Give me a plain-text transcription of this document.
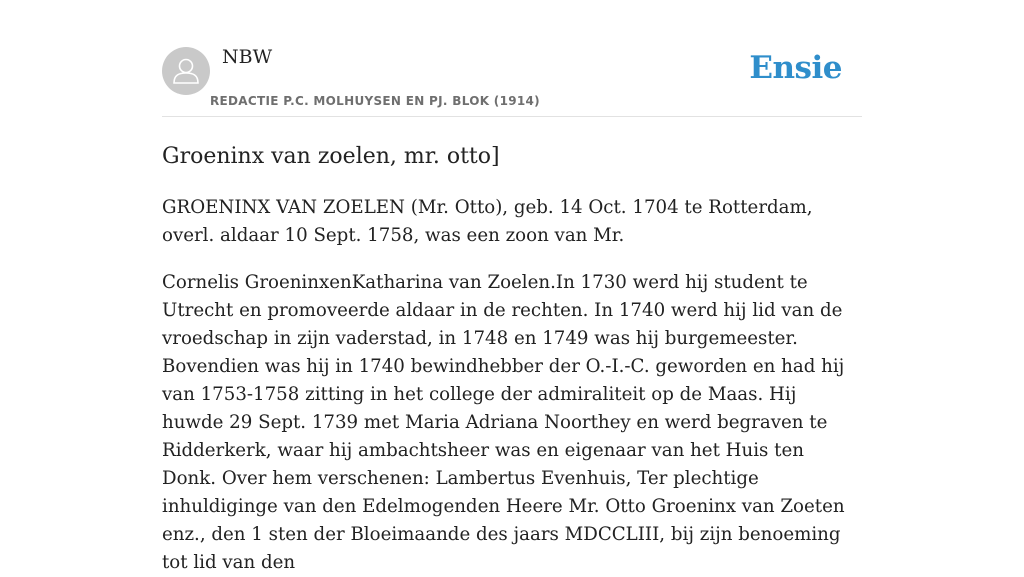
NBW
REDACTIE P.C. MOLHUYSEN EN PJ. BLOK (1914)
Ensie
Groeninx van zoelen, mr. otto]

GROENINX VAN ZOELEN (Mr. Otto), geb. 14 Oct. 1704 te Rotterdam, overl. aldaar 10 Sept. 1758, was een zoon van Mr.

Cornelis GroeninxenKatharina van Zoelen.In 1730 werd hij student te Utrecht en promoveerde aldaar in de rechten. In 1740 werd hij lid van de vroedschap in zijn vaderstad, in 1748 en 1749 was hij burgemeester. Bovendien was hij in 1740 bewindhebber der O.-I.-C. geworden en had hij van 1753-1758 zitting in het college der admiraliteit op de Maas. Hij huwde 29 Sept. 1739 met Maria Adriana Noorthey en werd begraven te Ridderkerk, waar hij ambachtsheer was en eigenaar van het Huis ten Donk. Over hem verschenen: Lambertus Evenhuis, Ter plechtige inhuldiginge van den Edelmogenden Heere Mr. Otto Groeninx van Zoeten enz., den 1 sten der Bloeimaande des jaars MDCCLIII, bij zijn benoeming tot lid van den
